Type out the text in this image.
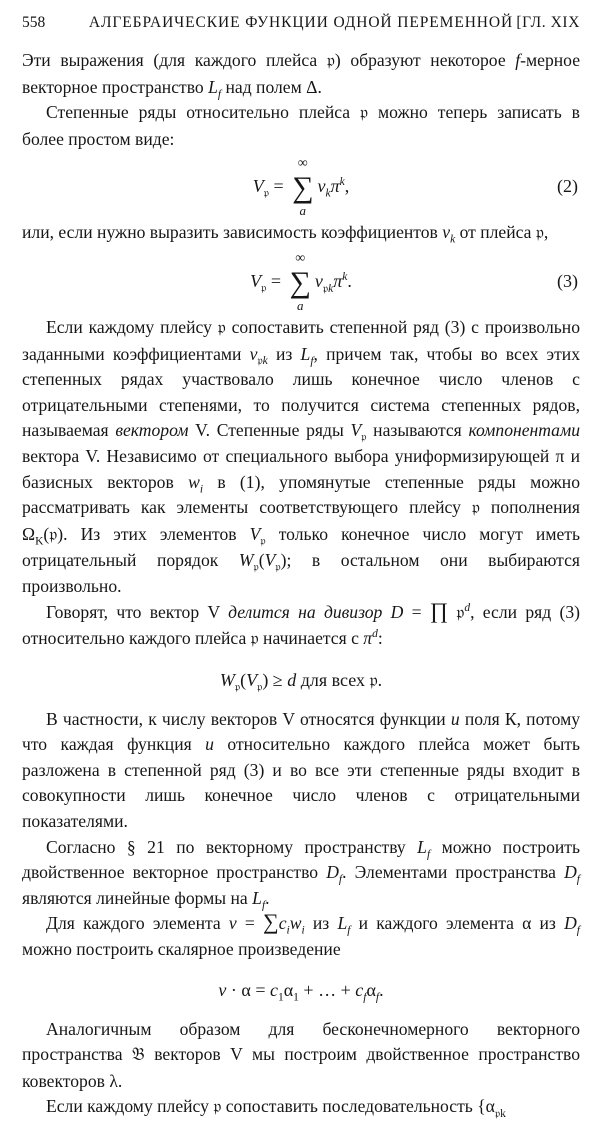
558	АЛГЕБРАИЧЕСКИЕ ФУНКЦИИ ОДНОЙ ПЕРЕМЕННОЙ [ГЛ. XIX

Эти выражения (для каждого плейса 𝔭) образуют некоторое f-мерное векторное пространство $L_f$ над полем Δ.

Степенные ряды относительно плейса 𝔭 можно теперь записать в более простом виде:

$V_𝔭$ = ∑
∞
a
$v_k\pi^k$,	(2)

или, если нужно выразить зависимость коэффициентов $v_k$ от плейса 𝔭,

$V_𝔭$ = ∑
∞
a
$v_{𝔭k}\pi^k$.	(3)

Если каждому плейсу 𝔭 сопоставить степенной ряд (3) с произвольно заданными коэффициентами $v_{𝔭k}$ из $L_f$, причем так, чтобы во всех этих степенных рядах участвовало лишь конечное число членов с отрицательными степенями, то получится система степенных рядов, называемая вектором V. Степенные ряды $V_𝔭$ называются компонентами вектора V. Независимо от специального выбора униформизирующей π и базисных векторов $w_i$ в (1), упомянутые степенные ряды можно рассматривать как элементы соответствующего плейсу 𝔭 пополнения $\Omega_K(𝔭)$. Из этих элементов $V_𝔭$ только конечное число могут иметь отрицательный порядок $W_𝔭(V_𝔭)$; в остальном они выбираются произвольно.

Говорят, что вектор V делится на дивизор D = ∏ 𝔭$^d$, если ряд (3) относительно каждого плейса 𝔭 начинается с $\pi^d$:

$W_𝔭(V_𝔭) \ge d$ для всех 𝔭.

В частности, к числу векторов V относятся функции u поля К, потому что каждая функция u относительно каждого плейса может быть разложена в степенной ряд (3) и во все эти степенные ряды входит в совокупности лишь конечное число членов с отрицательными показателями.

Согласно § 21 по векторному пространству $L_f$ можно построить двойственное векторное пространство $D_f$. Элементами пространства $D_f$ являются линейные формы на $L_f$.

Для каждого элемента $v = \sum c_iw_i$ из $L_f$ и каждого элемента α из $D_f$ можно построить скалярное произведение

$v \cdot \alpha = c_1\alpha_1$ + … + $c_f\alpha_f$.

Аналогичным образом для бесконечномерного векторного пространства 𝔅 векторов V мы построим двойственное пространство ковекторов λ.

Если каждому плейсу 𝔭 сопоставить последовательность {$\alpha_{𝔭k}$
